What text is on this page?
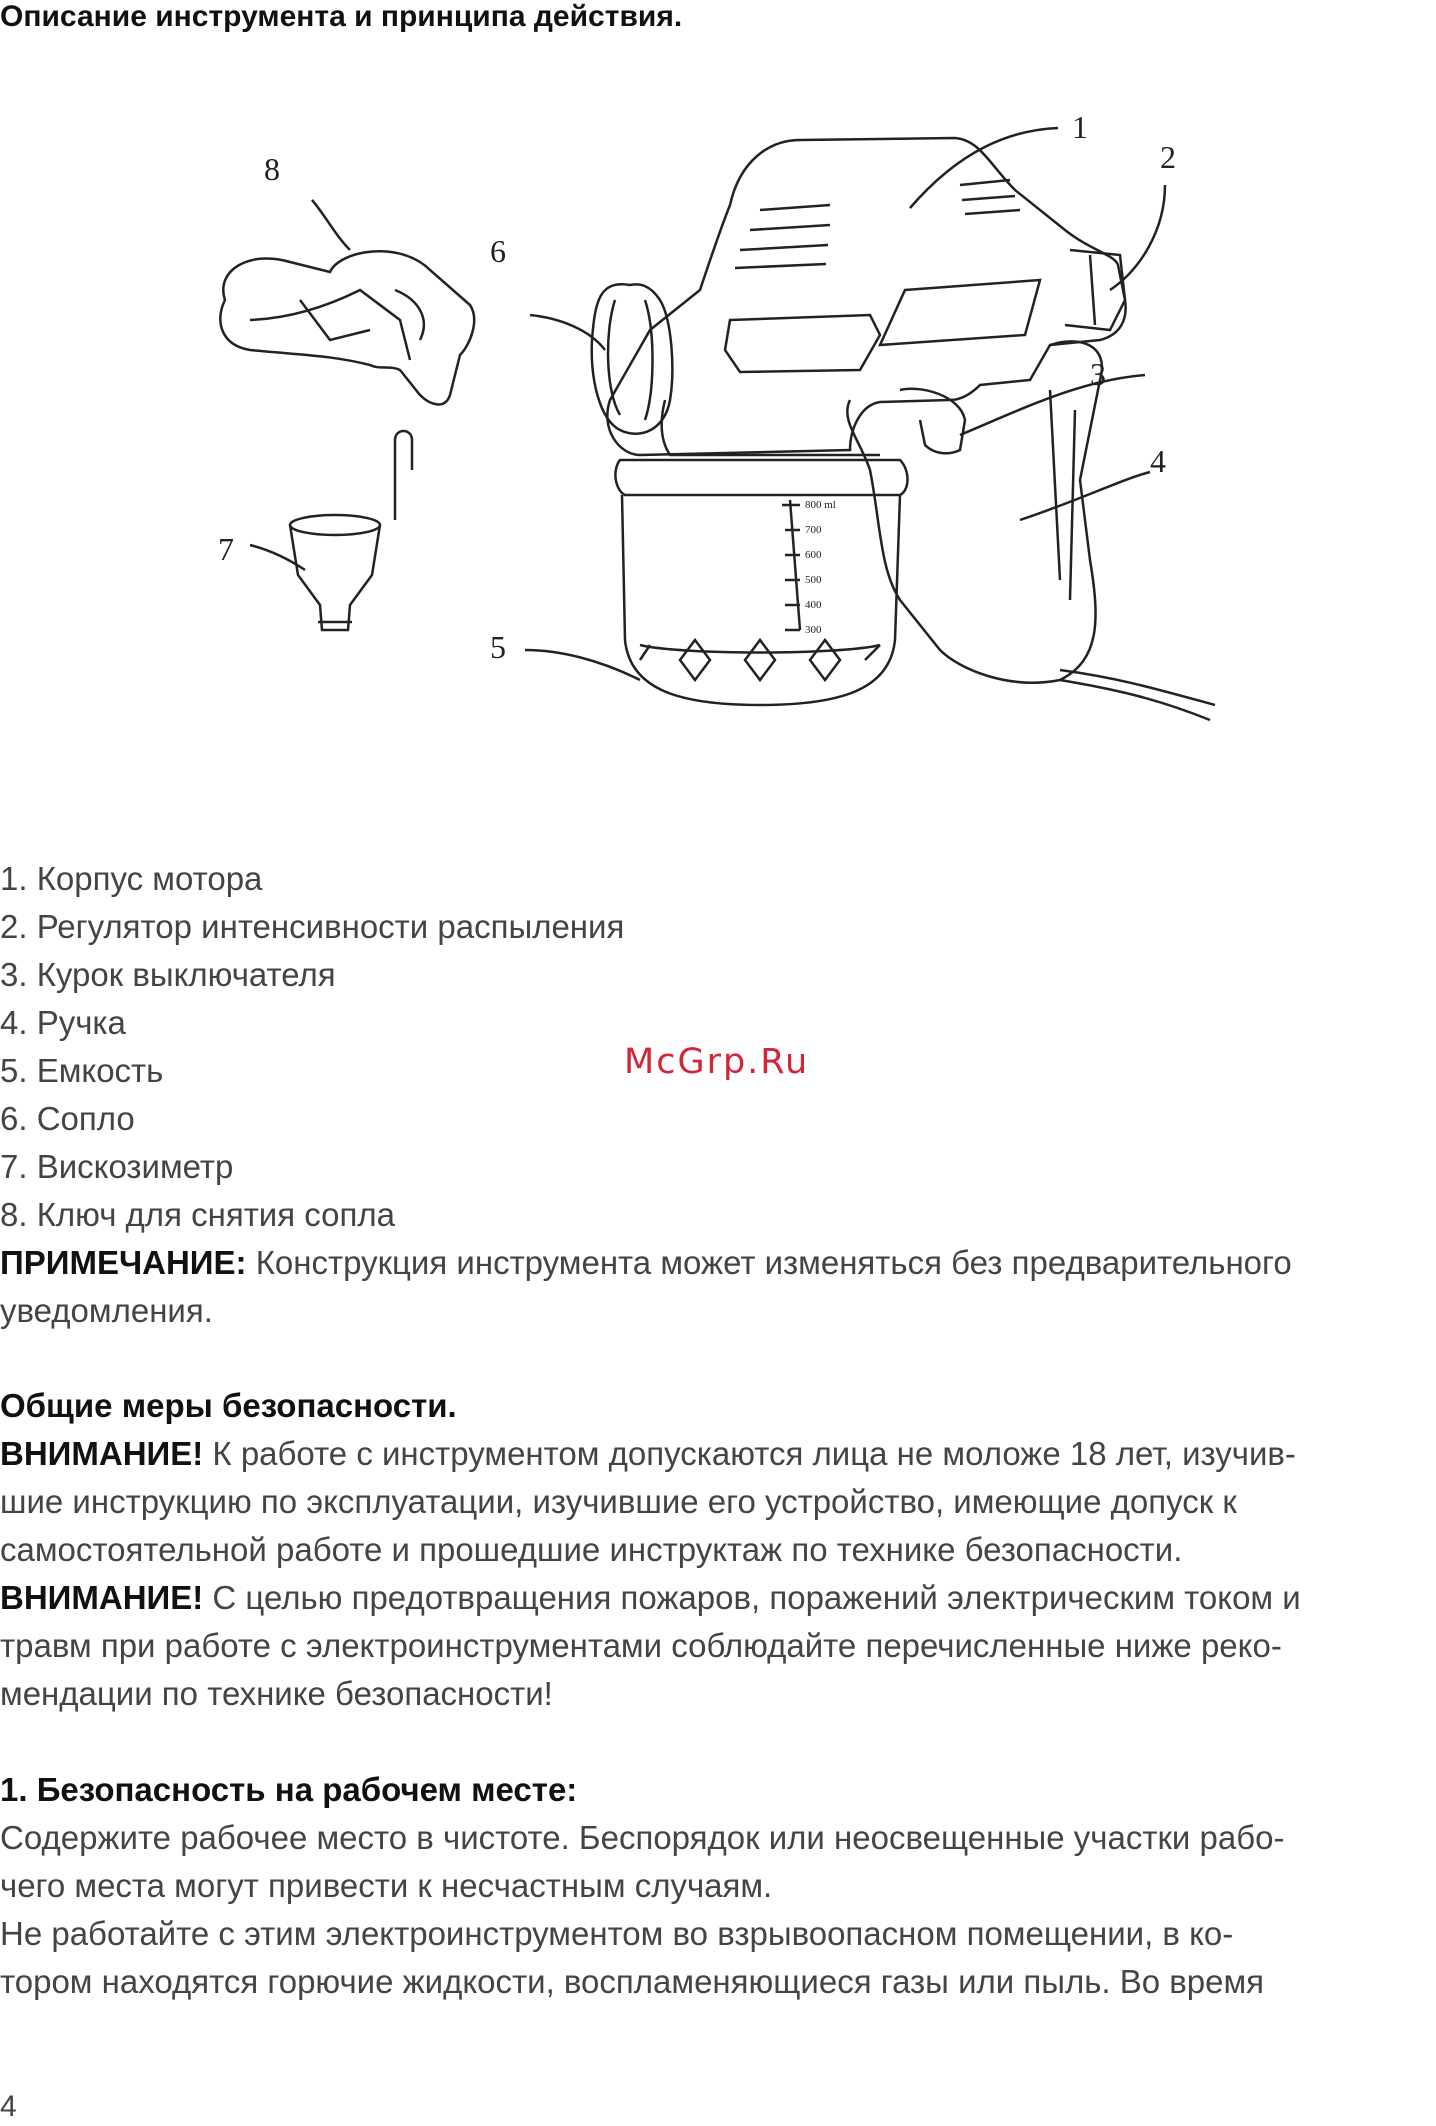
Описание инструмента и принципа действия.
1
2
3
4
5
6
7
8
800 ml
700
600
500
400
300
1. Корпус мотора
2. Регулятор интенсивности распыления
3. Курок выключателя
4. Ручка
5. Емкость
6. Сопло
7. Вискозиметр
8. Ключ для снятия сопла
McGrp.Ru
ПРИМЕЧАНИЕ: Конструкция инструмента может изменяться без предварительного
уведомления.
Общие меры безопасности.
ВНИМАНИЕ! К работе с инструментом допускаются лица не моложе 18 лет, изучив-
шие инструкцию по эксплуатации, изучившие его устройство, имеющие допуск к
самостоятельной работе и прошедшие инструктаж по технике безопасности.
ВНИМАНИЕ! С целью предотвращения пожаров, поражений электрическим током и
травм при работе с электроинструментами соблюдайте перечисленные ниже реко-
мендации по технике безопасности!
1. Безопасность на рабочем месте:
Содержите рабочее место в чистоте. Беспорядок или неосвещенные участки рабо-
чего места могут привести к несчастным случаям.
Не работайте с этим электроинструментом во взрывоопасном помещении, в ко-
тором находятся горючие жидкости, воспламеняющиеся газы или пыль. Во время
4
